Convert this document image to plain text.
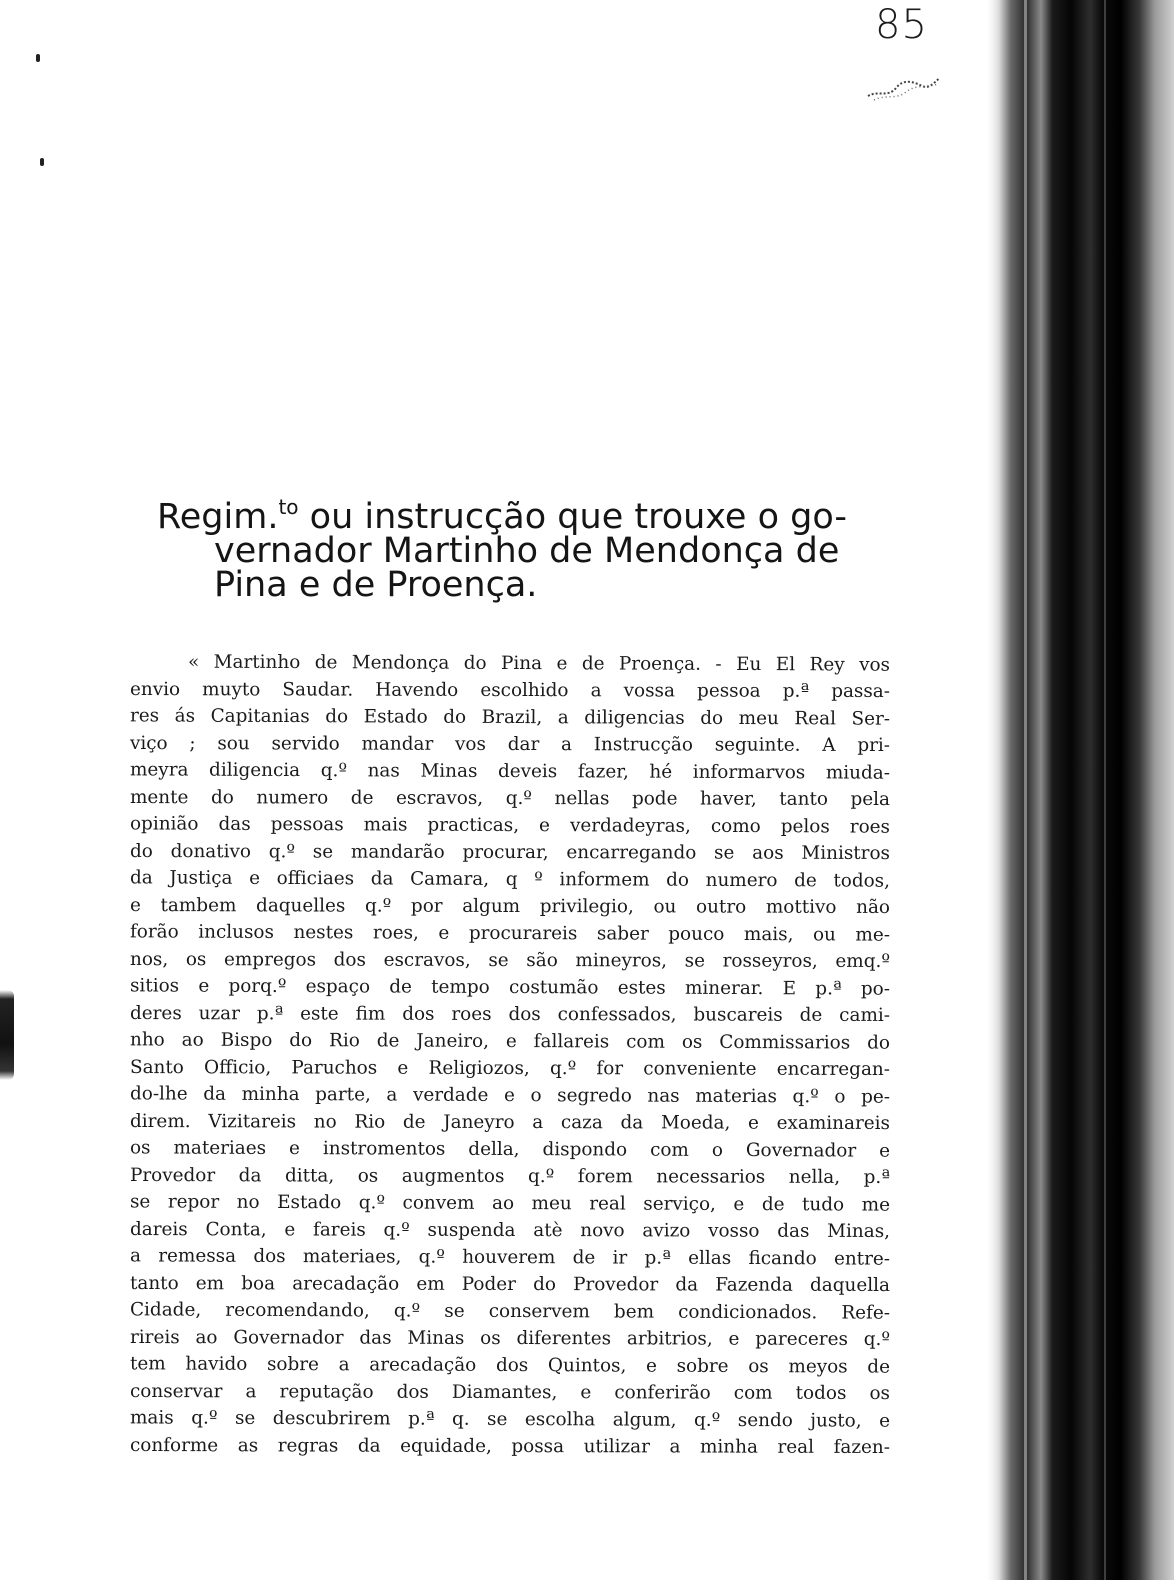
85
Regim.$^{to}$ ou instrucção que trouxe o go-
vernador Martinho de Mendonça de
Pina e de Proença.
« Martinho de Mendonça do Pina e de Proença. - Eu El Rey vos
envio muyto Saudar. Havendo escolhido a vossa pessoa p.ª passa-
res ás Capitanias do Estado do Brazil, a diligencias do meu Real Ser-
viço ; sou servido mandar vos dar a Instrucção seguinte. A pri-
meyra diligencia q.º nas Minas deveis fazer, hé informarvos miuda-
mente do numero de escravos, q.º nellas pode haver, tanto pela
opinião das pessoas mais practicas, e verdadeyras, como pelos roes
do donativo q.º se mandarão procurar, encarregando se aos Ministros
da Justiça e officiaes da Camara, q º informem do numero de todos,
e tambem daquelles q.º por algum privilegio, ou outro mottivo não
forão inclusos nestes roes, e procurareis saber pouco mais, ou me-
nos, os empregos dos escravos, se são mineyros, se rosseyros, emq.º
sitios e porq.º espaço de tempo costumão estes minerar. E p.ª po-
deres uzar p.ª este fim dos roes dos confessados, buscareis de cami-
nho ao Bispo do Rio de Janeiro, e fallareis com os Commissarios do
Santo Officio, Paruchos e Religiozos, q.º for conveniente encarregan-
do-lhe da minha parte, a verdade e o segredo nas materias q.º o pe-
direm. Vizitareis no Rio de Janeyro a caza da Moeda, e examinareis
os materiaes e instromentos della, dispondo com o Governador e
Provedor da ditta, os augmentos q.º forem necessarios nella, p.ª
se repor no Estado q.º convem ao meu real serviço, e de tudo me
dareis Conta, e fareis q.º suspenda atè novo avizo vosso das Minas,
a remessa dos materiaes, q.º houverem de ir p.ª ellas ficando entre-
tanto em boa arecadação em Poder do Provedor da Fazenda daquella
Cidade, recomendando, q.º se conservem bem condicionados. Refe-
rireis ao Governador das Minas os diferentes arbitrios, e pareceres q.º
tem havido sobre a arecadação dos Quintos, e sobre os meyos de
conservar a reputação dos Diamantes, e conferirão com todos os
mais q.º se descubrirem p.ª q. se escolha algum, q.º sendo justo, e
conforme as regras da equidade, possa utilizar a minha real fazen-
